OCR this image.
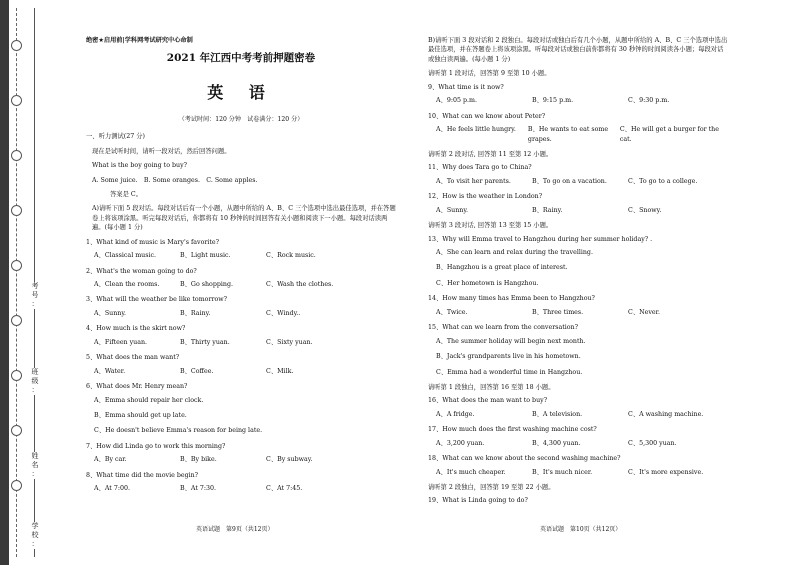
考
号
：
班
级
：
姓
名
：
学
校
：
绝密★启用前|学科网考试研究中心命制
2021 年江西中考考前押题密卷
英 语
（考试时间：120 分钟　试卷满分：120 分）
一、听力测试(27 分)
现在是试听时间，请听一段对话，然后回答问题。
What is the boy going to buy?
A. Some juice.　B. Some oranges.　C. Some apples.
答案是 C。
A)请听下面 5 段对话。每段对话后有一个小题，从题中所给的 A、B、C 三个选项中选出最佳选项，并在答题卷上将该项涂黑。听完每段对话后，你都将有 10 秒钟的时间回答有关小题和阅读下一小题。每段对话读两遍。(每小题 1 分)
1、What kind of music is Mary's favorite?
A、Classical music.	B、Light music.	C、Rock music.
2、What's the woman going to do?
A、Clean the rooms.	B、Go shopping.	C、Wash the clothes.
3、What will the weather be like tomorrow?
A、Sunny.	B、Rainy.	C、Windy..
4、How much is the skirt now?
A、Fifteen yuan.	B、Thirty yuan.	C、Sixty yuan.
5、What does the man want?
A、Water.	B、Coffee.	C、Milk.
6、What does Mr. Henry mean?
A、Emma should repair her clock.
B、Emma should get up late.
C、He doesn't believe Emma's reason for being late.
7、How did Linda go to work this morning?
A、By car.	B、By bike.	C、By subway.
8、What time did the movie begin?
A、At 7:00.	B、At 7:30.	C、At 7:45.
英语试题　第9页（共12页）
B)请听下面 3 段对话和 2 段独白。每段对话或独白后有几个小题，从题中所给的 A、B、C 三个选项中选出最佳选项，并在答题卷上将该项涂黑。听每段对话或独白前你都将有 30 秒钟的时间阅读各小题；每段对话或独白读两遍。(每小题 1 分)
请听第 1 段对话，回答第 9 至第 10 小题。
9、What time is it now?
A、9:05 p.m.	B、9:15 p.m.	C、9:30 p.m.
10、What can we know about Peter?
A、He feels little hungry.	B、He wants to eat some grapes.
C、He will get a burger for the cat.
请听第 2 段对话, 回答第 11 至第 12 小题。
11、Why does Tara go to China?
A、To visit her parents.	B、To go on a vacation.	C、To go to a college.
12、How is the weather in London?
A、Sunny.	B、Rainy.	C、Snowy.
请听第 3 段对话, 回答第 13 至第 15 小题。
13、Why will Emma travel to Hangzhou during her summer holiday? .
A、She can learn and relax during the travelling.
B、Hangzhou is a great place of interest.
C、Her hometown is Hangzhou.
14、How many times has Emma been to Hangzhou?
A、Twice.	B、Three times.	C、Never.
15、What can we learn from the conversation?
A、The summer holiday will begin next month.
B、Jack's grandparents live in his hometown.
C、Emma had a wonderful time in Hangzhou.
请听第 1 段独白，回答第 16 至第 18 小题。
16、What does the man want to buy?
A、A fridge.	B、A television.	C、A washing machine.
17、How much does the first washing machine cost?
A、3,200 yuan.	B、4,300 yuan.	C、5,300 yuan.
18、What can we know about the second washing machine?
A、It's much cheaper.	B、It's much nicer.	C、It's more expensive.
请听第 2 段独白，回答第 19 至第 22 小题。
19、What is Linda going to do?
英语试题　第10页（共12页）
